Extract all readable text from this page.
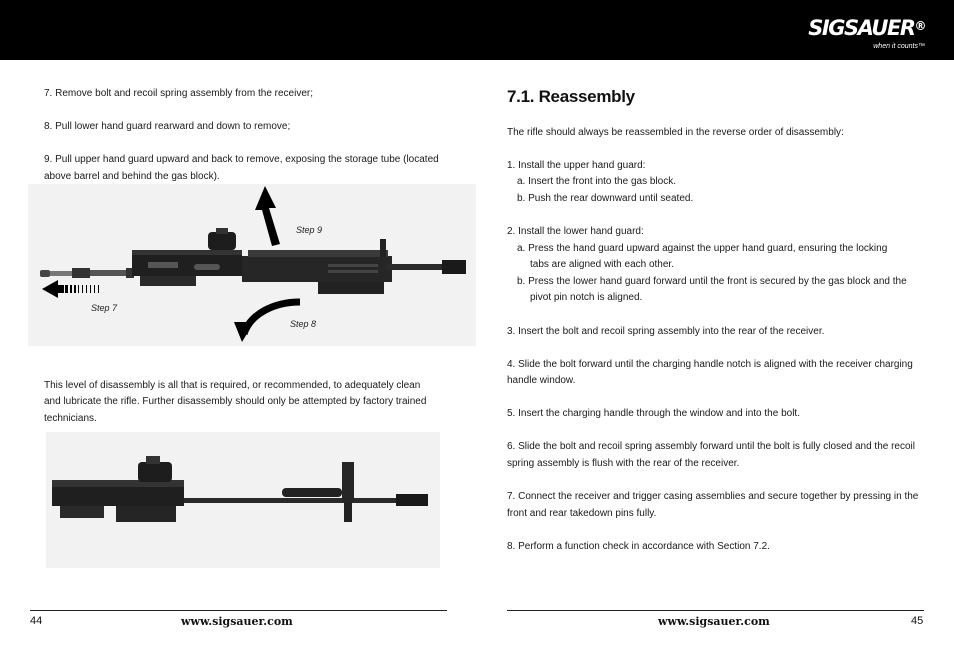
SIGSAUER®
when it counts™
7. Remove bolt and recoil spring assembly from the receiver;
8. Pull lower hand guard rearward and down to remove;
9. Pull upper hand guard upward and back to remove, exposing the storage tube (located
above barrel and behind the gas block).
Step 7
Step 9
Step 8
This level of disassembly is all that is required, or recommended, to adequately clean
and lubricate the rifle. Further disassembly should only be attempted by factory trained
technicians.
44	www.sigsauer.com
7.1. Reassembly
The rifle should always be reassembled in the reverse order of disassembly:
1. Install the upper hand guard:
a. Insert the front into the gas block.
b. Push the rear downward until seated.
2. Install the lower hand guard:
a. Press the hand guard upward against the upper hand guard, ensuring the locking
tabs are aligned with each other.
b. Press the lower hand guard forward until the front is secured by the gas block and the
pivot pin notch is aligned.
3. Insert the bolt and recoil spring assembly into the rear of the receiver.
4. Slide the bolt forward until the charging handle notch is aligned with the receiver charging
handle window.
5. Insert the charging handle through the window and into the bolt.
6. Slide the bolt and recoil spring assembly forward until the bolt is fully closed and the recoil
spring assembly is flush with the rear of the receiver.
7. Connect the receiver and trigger casing assemblies and secure together by pressing in the
front and rear takedown pins fully.
8. Perform a function check in accordance with Section 7.2.
www.sigsauer.com	45
